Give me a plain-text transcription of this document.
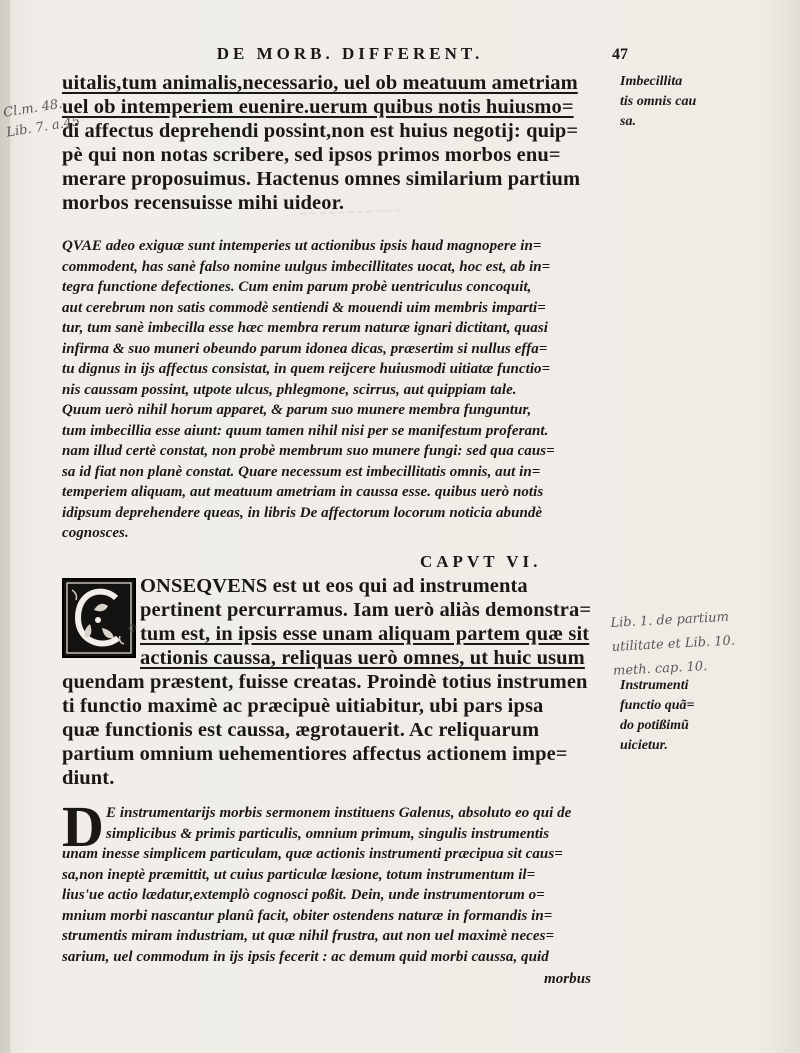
DE MORB. DIFFERENT.	47
~ ~ ~ ~ ~ ~ ~ ~ ~ ~ ~
uitalis,tum animalis,necessario, uel ob meatuum ametriam
uel ob intemperiem euenire.uerum quibus notis huiusmo=
di affectus deprehendi possint,non est huius negotij: quip=
pè qui non notas scribere, sed ipsos primos morbos enu=
merare proposuimus. Hactenus omnes similarium partium
morbos recensuisse mihi uideor.
QVAE adeo exiguæ sunt intemperies ut actionibus ipsis haud magnopere in=
commodent, has sanè falso nomine uulgus imbecillitates uocat, hoc est, ab in=
tegra functione defectiones. Cum enim parum probè uentriculus concoquit,
aut cerebrum non satis commodè sentiendi & mouendi uim membris imparti=
tur, tum sanè imbecilla esse hæc membra rerum naturæ ignari dictitant, quasi
infirma & suo muneri obeundo parum idonea dicas, præsertim si nullus effa=
tu dignus in ijs affectus consistat, in quem reijcere huiusmodi uitiatæ functio=
nis caussam possint, utpote ulcus, phlegmone, scirrus, aut quippiam tale.
Quum uerò nihil horum apparet, & parum suo munere membra funguntur,
tum imbecillia esse aiunt: quum tamen nihil nisi per se manifestum proferant.
nam illud certè constat, non probè membrum suo munere fungi: sed qua caus=
sa id fiat non planè constat. Quare necessum est imbecillitatis omnis, aut in=
temperiem aliquam, aut meatuum ametriam in caussa esse. quibus uerò notis
idipsum deprehendere queas, in libris De affectorum locorum noticia abundè
cognosces.
CAPVT VI.
ONSEQVENS est ut eos qui ad instrumenta
pertinent percurramus. Iam uerò aliàs demonstra=
tum est, in ipsis esse unam aliquam partem quæ sit
actionis caussa, reliquas uerò omnes, ut huic usum
quendam præstent, fuisse creatas. Proindè totius instrumen
ti functio maximè ac præcipuè uitiabitur, ubi pars ipsa
quæ functionis est caussa, ægrotauerit. Ac reliquarum
partium omnium uehementiores affectus actionem impe=
diunt.
D E instrumentarijs morbis sermonem instituens Galenus, absoluto eo qui de
simplicibus & primis particulis, omnium primum, singulis instrumentis
unam inesse simplicem particulam, quæ actionis instrumenti præcipua sit caus=
sa,non ineptè præmittit, ut cuius particulæ læsione, totum instrumentum il=
lius'ue actio lædatur,extemplò cognosci poßit. Dein, unde instrumentorum o=
mnium morbi nascantur planû facit, obiter ostendens naturæ in formandis in=
strumentis miram industriam, ut quæ nihil frustra, aut non uel maximè neces=
sarium, uel commodum in ijs ipsis fecerit : ac demum quid morbi caussa, quid
morbus
Imbecillita
tis omnis cau
sa.
Instrumenti
functio quã=
do potißimũ
uicietur.
Cl.m. 48.
Lib. 7. a.45
Lib. 1. de partium
utilitate et Lib. 10.
meth. cap. 10.
Φ
